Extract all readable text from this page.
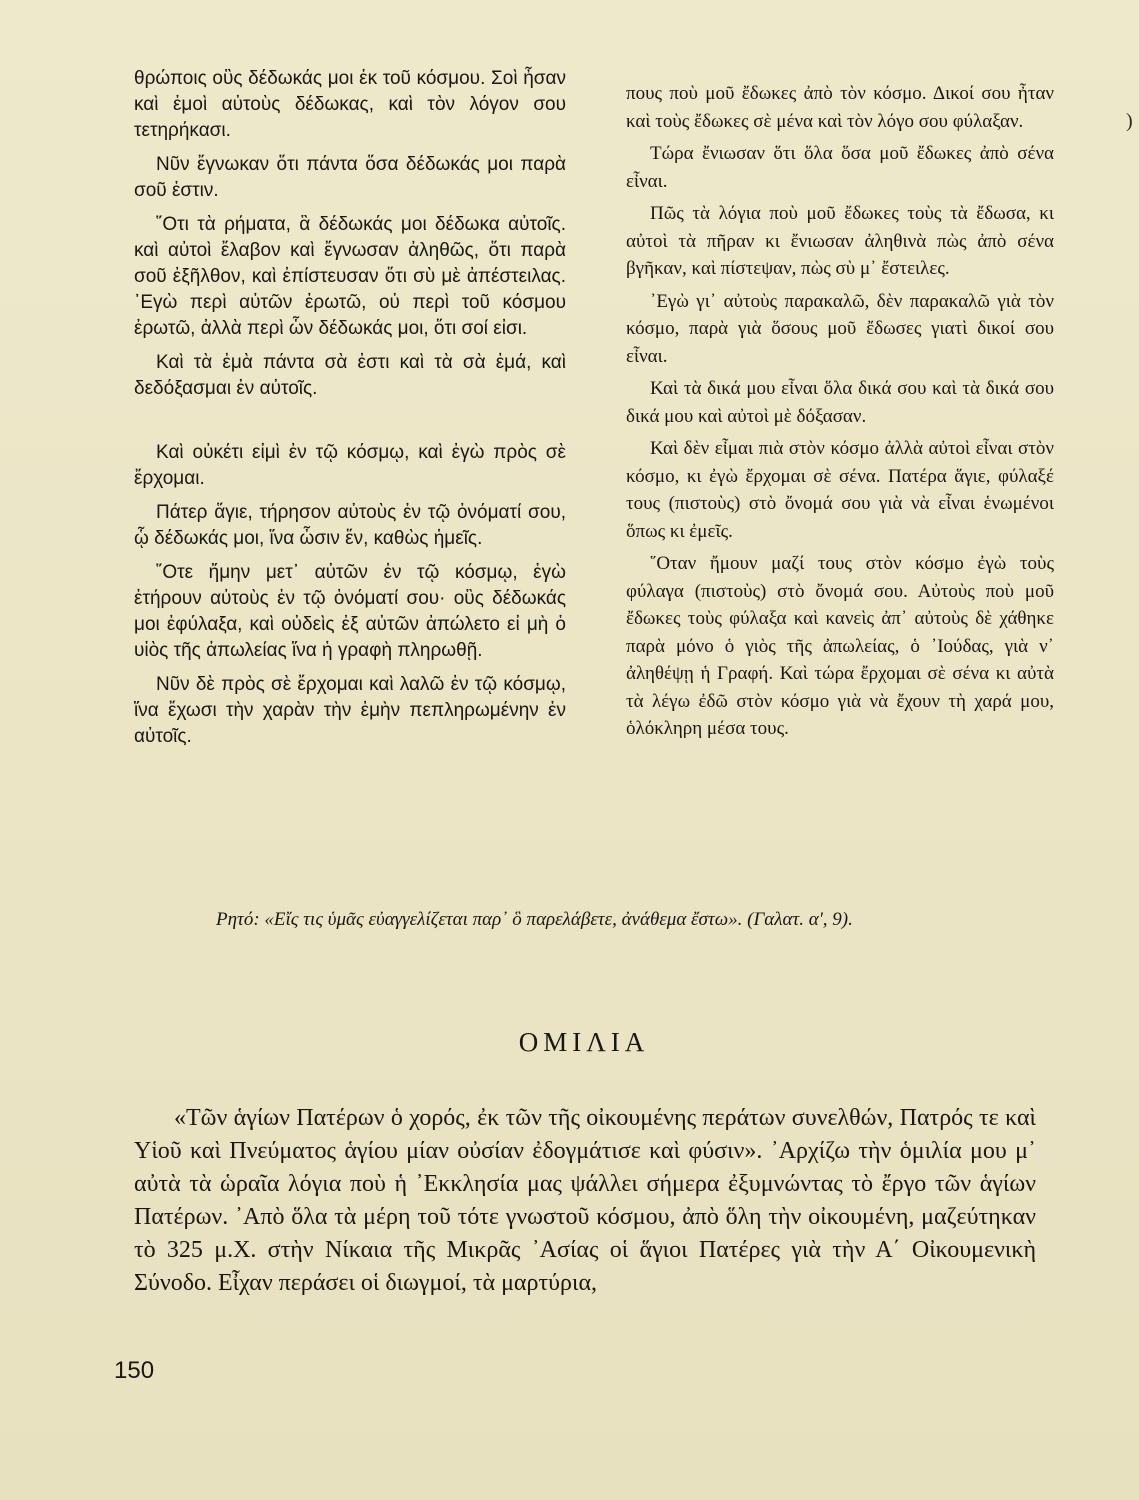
θρώποις οὓς δέδωκάς μοι ἐκ τοῦ κόσμου. Σοὶ ἦσαν καὶ ἐμοὶ αὐτοὺς δέδωκας, καὶ τὸν λόγον σου τετηρήκασι.

Νῦν ἔγνωκαν ὅτι πάντα ὅσα δέδωκάς μοι παρὰ σοῦ ἐστιν.

῞Οτι τὰ ρήματα, ἃ δέδωκάς μοι δέδωκα αὐτοῖς. καὶ αὐτοὶ ἔλαβον καὶ ἔγνωσαν ἀληθῶς, ὅτι παρὰ σοῦ ἐξῆλθον, καὶ ἐπίστευσαν ὅτι σὺ μὲ ἀπέστειλας. ᾿Εγὼ περὶ αὐτῶν ἐρωτῶ, οὐ περὶ τοῦ κόσμου ἐρωτῶ, ἀλλὰ περὶ ὧν δέδωκάς μοι, ὅτι σοί εἰσι.

Καὶ τὰ ἐμὰ πάντα σὰ ἐστι καὶ τὰ σὰ ἐμά, καὶ δεδόξασμαι ἐν αὐτοῖς.

Καὶ οὐκέτι εἰμὶ ἐν τῷ κόσμῳ, καὶ ἐγὼ πρὸς σὲ ἔρχομαι.

Πάτερ ἅγιε, τήρησον αὐτοὺς ἐν τῷ ὀνόματί σου, ᾧ δέδωκάς μοι, ἵνα ὦσιν ἕν, καθὼς ἡμεῖς.

῞Οτε ἤμην μετ᾿ αὐτῶν ἐν τῷ κόσμῳ, ἐγὼ ἐτήρουν αὐτοὺς ἐν τῷ ὀνόματί σου· οὓς δέδωκάς μοι ἐφύλαξα, καὶ οὐδεὶς ἐξ αὐτῶν ἀπώλετο εἰ μὴ ὁ υἱὸς τῆς ἀπωλείας ἵνα ἡ γραφὴ πληρωθῇ.

Νῦν δὲ πρὸς σὲ ἔρχομαι καὶ λαλῶ ἐν τῷ κόσμῳ, ἵνα ἔχωσι τὴν χαρὰν τὴν ἐμὴν πεπληρωμένην ἐν αὐτοῖς.

πους ποὺ μοῦ ἔδωκες ἀπὸ τὸν κόσμο. Δικοί σου ἦταν καὶ τοὺς ἔδωκες σὲ μένα καὶ τὸν λόγο σου φύλαξαν.

Τώρα ἔνιωσαν ὅτι ὅλα ὅσα μοῦ ἔδωκες ἀπὸ σένα εἶναι.

Πῶς τὰ λόγια ποὺ μοῦ ἔδωκες τοὺς τὰ ἔδωσα, κι αὐτοὶ τὰ πῆραν κι ἔνιωσαν ἀληθινὰ πὼς ἀπὸ σένα βγῆκαν, καὶ πίστεψαν, πὼς σὺ μ᾿ ἔστειλες.

᾿Εγὼ γι᾿ αὐτοὺς παρακαλῶ, δὲν παρακαλῶ γιὰ τὸν κόσμο, παρὰ γιὰ ὅσους μοῦ ἔδωσες γιατὶ δικοί σου εἶναι.

Καὶ τὰ δικά μου εἶναι ὅλα δικά σου καὶ τὰ δικά σου δικά μου καὶ αὐτοὶ μὲ δόξασαν.

Καὶ δὲν εἶμαι πιὰ στὸν κόσμο ἀλλὰ αὐτοὶ εἶναι στὸν κόσμο, κι ἐγὼ ἔρχομαι σὲ σένα. Πατέρα ἅγιε, φύλαξέ τους (πιστοὺς) στὸ ὄνομά σου γιὰ νὰ εἶναι ἑνωμένοι ὅπως κι ἐμεῖς.

῞Οταν ἤμουν μαζί τους στὸν κόσμο ἐγὼ τοὺς φύλαγα (πιστοὺς) στὸ ὄνομά σου. Αὐτοὺς ποὺ μοῦ ἔδωκες τοὺς φύλαξα καὶ κανεὶς ἀπ᾿ αὐτοὺς δὲ χάθηκε παρὰ μόνο ὁ γιὸς τῆς ἀπωλείας, ὁ ᾿Ιούδας, γιὰ ν᾿ ἀληθέψῃ ἡ Γραφή. Καὶ τώρα ἔρχομαι σὲ σένα κι αὐτὰ τὰ λέγω ἐδῶ στὸν κόσμο γιὰ νὰ ἔχουν τὴ χαρά μου, ὁλόκληρη μέσα τους.

Ρητό: «Εἴς τις ὑμᾶς εὐαγγελίζεται παρ᾿ ὃ παρελάβετε, ἀνάθεμα ἔστω». (Γαλατ. α', 9).
ΟΜΙΛΙΑ

«Τῶν ἁγίων Πατέρων ὁ χορός, ἐκ τῶν τῆς οἰκουμένης περάτων συνελθών, Πατρός τε καὶ Υἱοῦ καὶ Πνεύματος ἁγίου μίαν οὐσίαν ἐδογμάτισε καὶ φύσιν». ᾿Αρχίζω τὴν ὁμιλία μου μ᾿ αὐτὰ τὰ ὡραῖα λόγια ποὺ ἡ ᾿Εκκλησία μας ψάλλει σήμερα ἐξυμνώντας τὸ ἔργο τῶν ἁγίων Πατέρων. ᾿Απὸ ὅλα τὰ μέρη τοῦ τότε γνωστοῦ κόσμου, ἀπὸ ὅλη τὴν οἰκουμένη, μαζεύτηκαν τὸ 325 μ.Χ. στὴν Νίκαια τῆς Μικρᾶς ᾿Ασίας οἱ ἅγιοι Πατέρες γιὰ τὴν Α΄ Οἰκουμενικὴ Σύνοδο. Εἶχαν περάσει οἱ διωγμοί, τὰ μαρτύρια,

150
)
